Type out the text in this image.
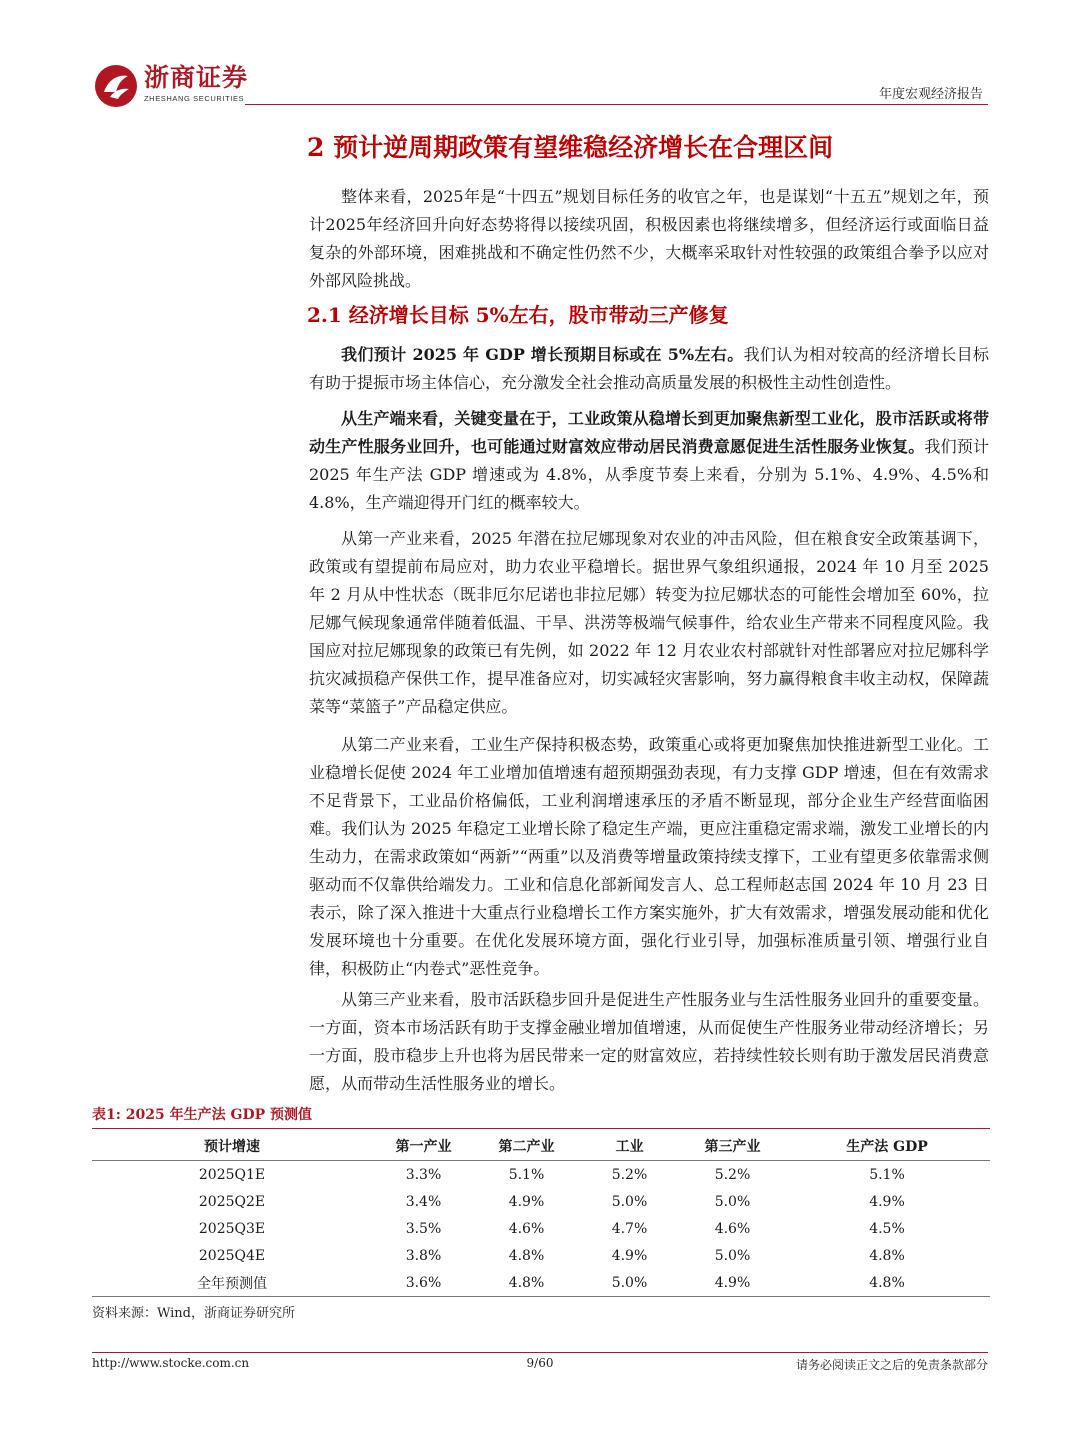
浙商证券
ZHESHANG SECURITIES	年度宏观经济报告
2 预计逆周期政策有望维稳经济增长在合理区间

整体来看，2025年是“十四五”规划目标任务的收官之年，也是谋划“十五五”规划之年，预计2025年经济回升向好态势将得以接续巩固，积极因素也将继续增多，但经济运行或面临日益复杂的外部环境，困难挑战和不确定性仍然不少，大概率采取针对性较强的政策组合拳予以应对外部风险挑战。

2.1 经济增长目标 5%左右，股市带动三产修复

我们预计 2025 年 GDP 增长预期目标或在 5%左右。我们认为相对较高的经济增长目标有助于提振市场主体信心，充分激发全社会推动高质量发展的积极性主动性创造性。

从生产端来看，关键变量在于，工业政策从稳增长到更加聚焦新型工业化，股市活跃或将带动生产性服务业回升，也可能通过财富效应带动居民消费意愿促进生活性服务业恢复。我们预计 2025 年生产法 GDP 增速或为 4.8%，从季度节奏上来看，分别为 5.1%、4.9%、4.5%和 4.8%，生产端迎得开门红的概率较大。

从第一产业来看，2025 年潜在拉尼娜现象对农业的冲击风险，但在粮食安全政策基调下，政策或有望提前布局应对，助力农业平稳增长。据世界气象组织通报，2024 年 10 月至 2025 年 2 月从中性状态（既非厄尔尼诺也非拉尼娜）转变为拉尼娜状态的可能性会增加至 60%，拉尼娜气候现象通常伴随着低温、干旱、洪涝等极端气候事件，给农业生产带来不同程度风险。我国应对拉尼娜现象的政策已有先例，如 2022 年 12 月农业农村部就针对性部署应对拉尼娜科学抗灾减损稳产保供工作，提早准备应对，切实减轻灾害影响，努力赢得粮食丰收主动权，保障蔬菜等“菜篮子”产品稳定供应。

从第二产业来看，工业生产保持积极态势，政策重心或将更加聚焦加快推进新型工业化。工业稳增长促使 2024 年工业增加值增速有超预期强劲表现，有力支撑 GDP 增速，但在有效需求不足背景下，工业品价格偏低，工业利润增速承压的矛盾不断显现，部分企业生产经营面临困难。我们认为 2025 年稳定工业增长除了稳定生产端，更应注重稳定需求端，激发工业增长的内生动力，在需求政策如“两新”“两重”以及消费等增量政策持续支撑下，工业有望更多依靠需求侧驱动而不仅靠供给端发力。工业和信息化部新闻发言人、总工程师赵志国 2024 年 10 月 23 日表示，除了深入推进十大重点行业稳增长工作方案实施外，扩大有效需求，增强发展动能和优化发展环境也十分重要。在优化发展环境方面，强化行业引导，加强标准质量引领、增强行业自律，积极防止“内卷式”恶性竞争。

从第三产业来看，股市活跃稳步回升是促进生产性服务业与生活性服务业回升的重要变量。一方面，资本市场活跃有助于支撑金融业增加值增速，从而促使生产性服务业带动经济增长；另一方面，股市稳步上升也将为居民带来一定的财富效应，若持续性较长则有助于激发居民消费意愿，从而带动生活性服务业的增长。

表1: 2025 年生产法 GDP 预测值
预计增速	第一产业	第二产业	工业	第三产业	生产法 GDP
2025Q1E	3.3%	5.1%	5.2%	5.2%	5.1%
2025Q2E	3.4%	4.9%	5.0%	5.0%	4.9%
2025Q3E	3.5%	4.6%	4.7%	4.6%	4.5%
2025Q4E	3.8%	4.8%	4.9%	5.0%	4.8%
全年预测值	3.6%	4.8%	5.0%	4.9%	4.8%
资料来源：Wind，浙商证券研究所
http://www.stocke.com.cn	9/60	请务必阅读正文之后的免责条款部分
